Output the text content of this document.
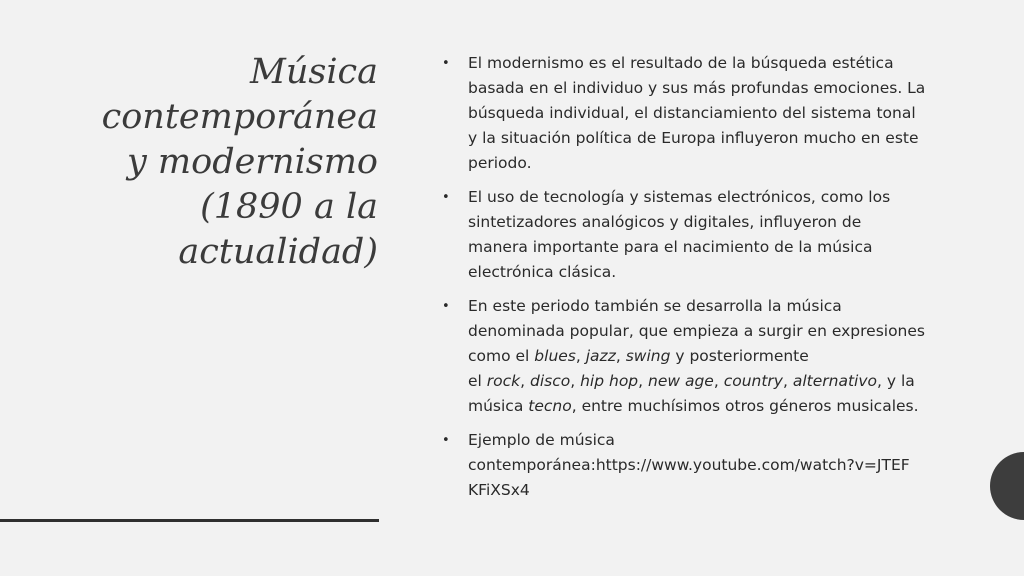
Música
contemporánea
y modernismo
(1890 a la
actualidad)
• El modernismo es el resultado de la búsqueda estética
basada en el individuo y sus más profundas emociones. La
búsqueda individual, el distanciamiento del sistema tonal
y la situación política de Europa influyeron mucho en este
periodo.
• El uso de tecnología y sistemas electrónicos, como los
sintetizadores analógicos y digitales, influyeron de
manera importante para el nacimiento de la música
electrónica clásica.
• En este periodo también se desarrolla la música
denominada popular, que empieza a surgir en expresiones
como el blues, jazz, swing y posteriormente
el rock, disco, hip hop, new age, country, alternativo, y la
música tecno, entre muchísimos otros géneros musicales.
• Ejemplo de música
contemporánea:https://www.youtube.com/watch?v=JTEF
KFiXSx4
